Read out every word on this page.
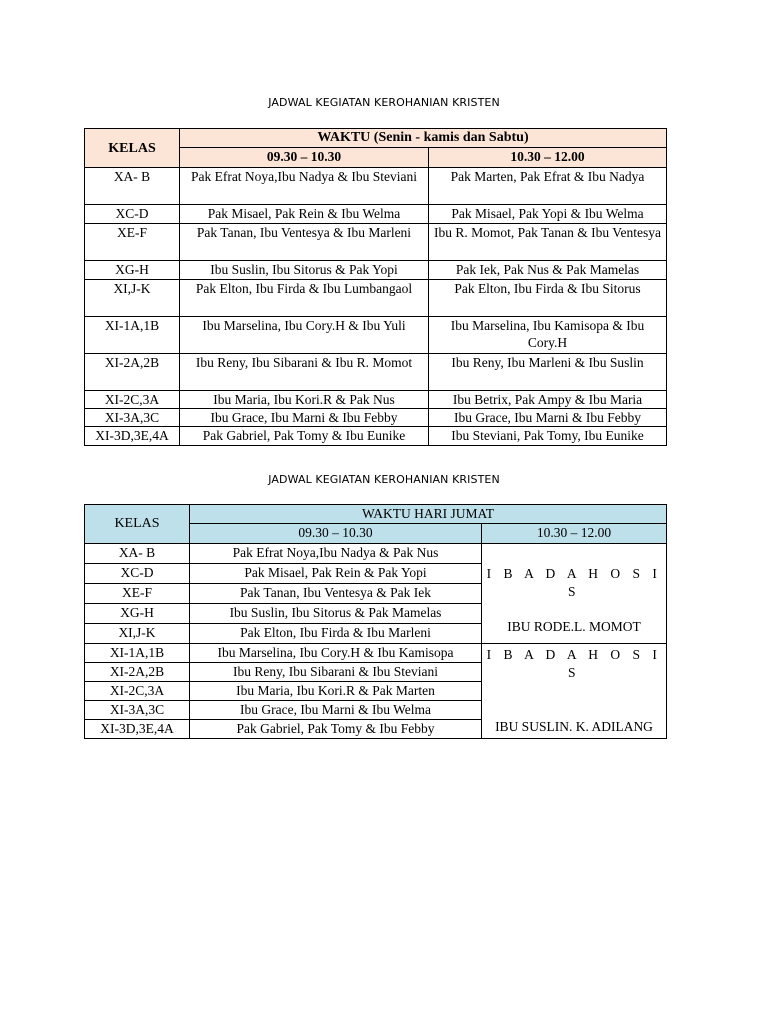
JADWAL KEGIATAN KEROHANIAN KRISTEN
KELAS	WAKTU (Senin - kamis dan Sabtu)	
	09.30 – 10.30	10.30 – 12.00
XA- B	Pak Efrat Noya,Ibu Nadya & Ibu Steviani	Pak Marten, Pak Efrat & Ibu Nadya
XC-D	Pak Misael, Pak Rein & Ibu Welma	Pak Misael, Pak Yopi & Ibu Welma
XE-F	Pak Tanan, Ibu Ventesya & Ibu Marleni	Ibu R. Momot, Pak Tanan & Ibu Ventesya
XG-H	Ibu Suslin, Ibu Sitorus & Pak Yopi	Pak Iek, Pak Nus & Pak Mamelas
XI,J-K	Pak Elton, Ibu Firda & Ibu Lumbangaol	Pak Elton, Ibu Firda & Ibu Sitorus
XI-1A,1B	Ibu Marselina, Ibu Cory.H & Ibu Yuli	Ibu Marselina, Ibu Kamisopa & Ibu Cory.H
XI-2A,2B	Ibu Reny, Ibu Sibarani & Ibu R. Momot	Ibu Reny, Ibu Marleni & Ibu Suslin
XI-2C,3A	Ibu Maria, Ibu Kori.R & Pak Nus	Ibu Betrix, Pak Ampy & Ibu Maria
XI-3A,3C	Ibu Grace, Ibu Marni & Ibu Febby	Ibu Grace, Ibu Marni & Ibu Febby
XI-3D,3E,4A	Pak Gabriel, Pak Tomy & Ibu Eunike	Ibu Steviani, Pak Tomy, Ibu Eunike
JADWAL KEGIATAN KEROHANIAN KRISTEN
KELAS	WAKTU HARI JUMAT	
	09.30 – 10.30	10.30 – 12.00
XA- B	Pak Efrat Noya,Ibu Nadya & Pak Nus	I B A D A H O S I S
IBU RODE.L. MOMOT

XC-D	Pak Misael, Pak Rein & Pak Yopi	
XE-F	Pak Tanan, Ibu Ventesya & Pak Iek	
XG-H	Ibu Suslin, Ibu Sitorus & Pak Mamelas	
XI,J-K	Pak Elton, Ibu Firda & Ibu Marleni	
XI-1A,1B	Ibu Marselina, Ibu Cory.H & Ibu Kamisopa	I B A D A H O S I S
IBU SUSLIN. K. ADILANG

XI-2A,2B	Ibu Reny, Ibu Sibarani & Ibu Steviani	
XI-2C,3A	Ibu Maria, Ibu Kori.R & Pak Marten	
XI-3A,3C	Ibu Grace, Ibu Marni & Ibu Welma	
XI-3D,3E,4A	Pak Gabriel, Pak Tomy & Ibu Febby	
